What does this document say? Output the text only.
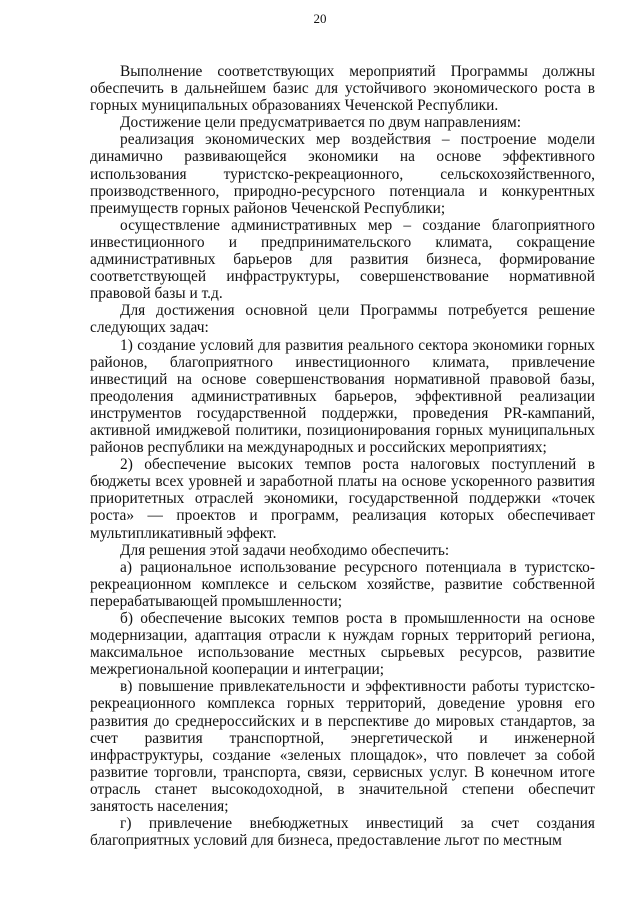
20

Выполнение соответствующих мероприятий Программы должны обеспечить в дальнейшем базис для устойчивого экономического роста в горных муниципальных образованиях Чеченской Республики.

Достижение цели предусматривается по двум направлениям:

реализация экономических мер воздействия – построение модели динамично развивающейся экономики на основе эффективного использования туристско-рекреационного, сельскохозяйственного, производственного, природно-ресурсного потенциала и конкурентных преимуществ горных районов Чеченской Республики;

осуществление административных мер – создание благоприятного инвестиционного и предпринимательского климата, сокращение административных барьеров для развития бизнеса, формирование соответствующей инфраструктуры, совершенствование нормативной правовой базы и т.д.

Для достижения основной цели Программы потребуется решение следующих задач:

1) создание условий для развития реального сектора экономики горных районов, благоприятного инвестиционного климата, привлечение инвестиций на основе совершенствования нормативной правовой базы, преодоления административных барьеров, эффективной реализации инструментов государственной поддержки, проведения PR-кампаний, активной имиджевой политики, позиционирования горных муниципальных районов республики на международных и российских мероприятиях;

2) обеспечение высоких темпов роста налоговых поступлений в бюджеты всех уровней и заработной платы на основе ускоренного развития приоритетных отраслей экономики, государственной поддержки «точек роста» — проектов и программ, реализация которых обеспечивает мультипликативный эффект.

Для решения этой задачи необходимо обеспечить:

а) рациональное использование ресурсного потенциала в туристско-рекреационном комплексе и сельском хозяйстве, развитие собственной перерабатывающей промышленности;

б) обеспечение высоких темпов роста в промышленности на основе модернизации, адаптация отрасли к нуждам горных территорий региона, максимальное использование местных сырьевых ресурсов, развитие межрегиональной кооперации и интеграции;

в) повышение привлекательности и эффективности работы туристско-рекреационного комплекса горных территорий, доведение уровня его развития до среднероссийских и в перспективе до мировых стандартов, за счет развития транспортной, энергетической и инженерной инфраструктуры, создание «зеленых площадок», что повлечет за собой развитие торговли, транспорта, связи, сервисных услуг. В конечном итоге отрасль станет высокодоходной, в значительной степени обеспечит занятость населения;

г) привлечение внебюджетных инвестиций за счет создания благоприятных условий для бизнеса, предоставление льгот по местным
